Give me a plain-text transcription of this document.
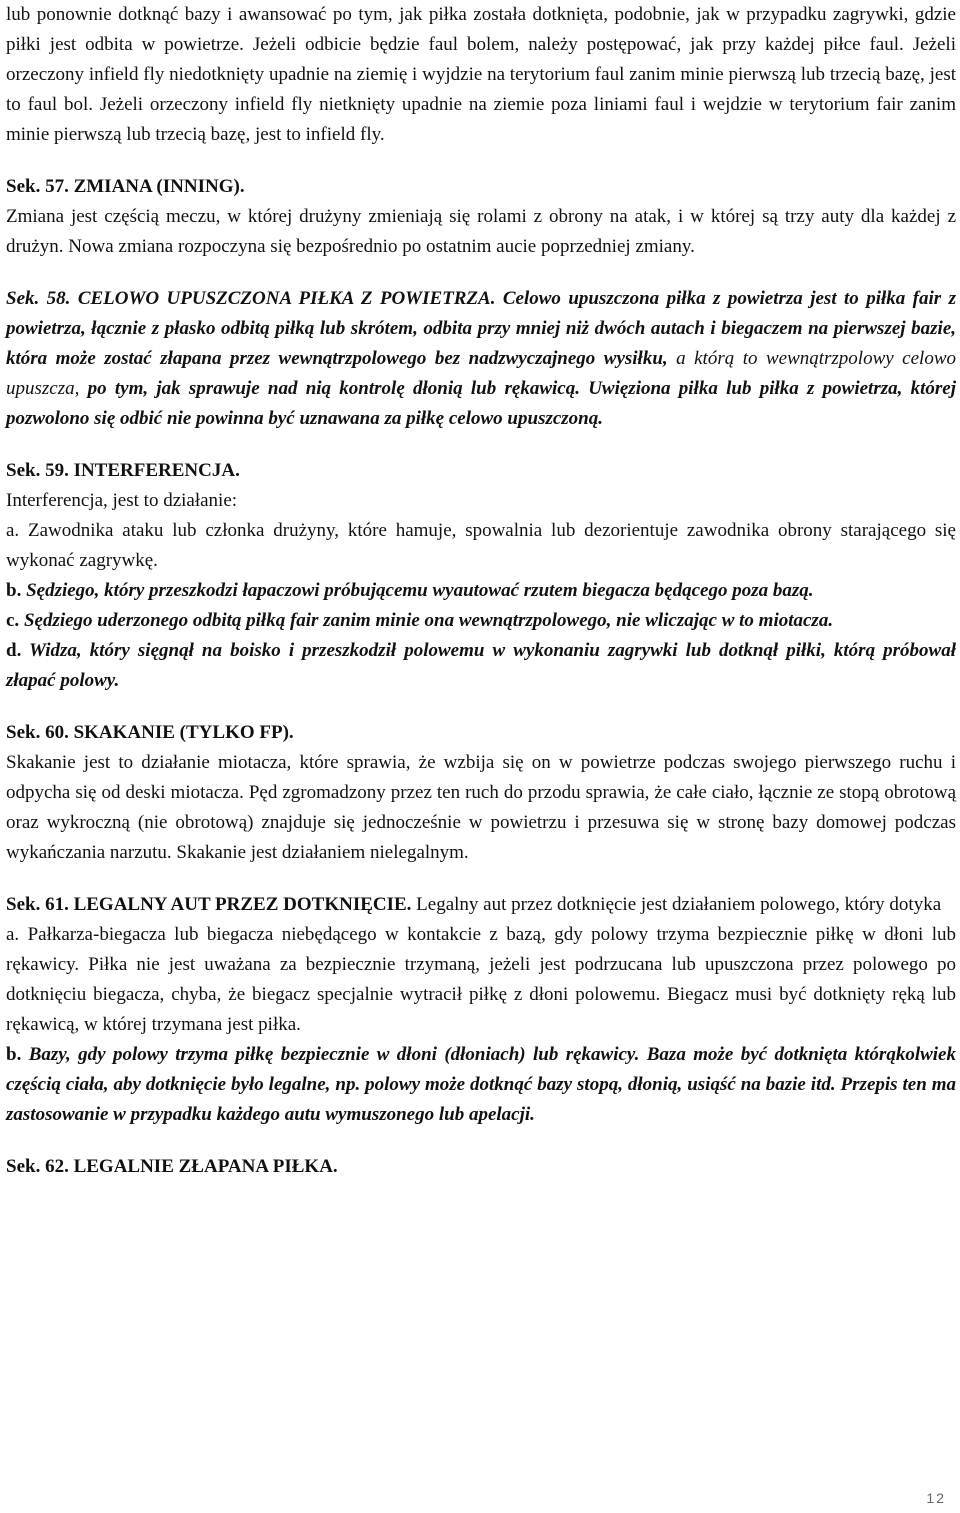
lub ponownie dotknąć bazy i awansować po tym, jak piłka została dotknięta, podobnie, jak w przypadku zagrywki, gdzie piłki jest odbita w powietrze. Jeżeli odbicie będzie faul bolem, należy postępować, jak przy każdej piłce faul. Jeżeli orzeczony infield fly niedotknięty upadnie na ziemię i wyjdzie na terytorium faul zanim minie pierwszą lub trzecią bazę, jest to faul bol. Jeżeli orzeczony infield fly nietknięty upadnie na ziemie poza liniami faul i wejdzie w terytorium fair zanim minie pierwszą lub trzecią bazę, jest to infield fly.

Sek. 57. ZMIANA (INNING).

Zmiana jest częścią meczu, w której drużyny zmieniają się rolami z obrony na atak, i w której są trzy auty dla każdej z drużyn. Nowa zmiana rozpoczyna się bezpośrednio po ostatnim aucie poprzedniej zmiany.

Sek. 58. CELOWO UPUSZCZONA PIŁKA Z POWIETRZA. Celowo upuszczona piłka z powietrza jest to piłka fair z powietrza, łącznie z płasko odbitą piłką lub skrótem, odbita przy mniej niż dwóch autach i biegaczem na pierwszej bazie, która może zostać złapana przez wewnątrzpolowego bez nadzwyczajnego wysiłku, a którą to wewnątrzpolowy celowo upuszcza, po tym, jak sprawuje nad nią kontrolę dłonią lub rękawicą. Uwięziona piłka lub piłka z powietrza, której pozwolono się odbić nie powinna być uznawana za piłkę celowo upuszczoną.

Sek. 59. INTERFERENCJA.

Interferencja, jest to działanie:

a. Zawodnika ataku lub członka drużyny, które hamuje, spowalnia lub dezorientuje zawodnika obrony starającego się wykonać zagrywkę.

b. Sędziego, który przeszkodzi łapaczowi próbującemu wyautować rzutem biegacza będącego poza bazą.

c. Sędziego uderzonego odbitą piłką fair zanim minie ona wewnątrzpolowego, nie wliczając w to miotacza.

d. Widza, który sięgnął na boisko i przeszkodził polowemu w wykonaniu zagrywki lub dotknął piłki, którą próbował złapać polowy.

Sek. 60. SKAKANIE (TYLKO FP).

Skakanie jest to działanie miotacza, które sprawia, że wzbija się on w powietrze podczas swojego pierwszego ruchu i odpycha się od deski miotacza. Pęd zgromadzony przez ten ruch do przodu sprawia, że całe ciało, łącznie ze stopą obrotową oraz wykroczną (nie obrotową) znajduje się jednocześnie w powietrzu i przesuwa się w stronę bazy domowej podczas wykańczania narzutu. Skakanie jest działaniem nielegalnym.

Sek. 61. LEGALNY AUT PRZEZ DOTKNIĘCIE. Legalny aut przez dotknięcie jest działaniem polowego, który dotyka

a. Pałkarza-biegacza lub biegacza niebędącego w kontakcie z bazą, gdy polowy trzyma bezpiecznie piłkę w dłoni lub rękawicy. Piłka nie jest uważana za bezpiecznie trzymaną, jeżeli jest podrzucana lub upuszczona przez polowego po dotknięciu biegacza, chyba, że biegacz specjalnie wytracił piłkę z dłoni polowemu. Biegacz musi być dotknięty ręką lub rękawicą, w której trzymana jest piłka.

b. Bazy, gdy polowy trzyma piłkę bezpiecznie w dłoni (dłoniach) lub rękawicy. Baza może być dotknięta którąkolwiek częścią ciała, aby dotknięcie było legalne, np. polowy może dotknąć bazy stopą, dłonią, usiąść na bazie itd. Przepis ten ma zastosowanie w przypadku każdego autu wymuszonego lub apelacji.

Sek. 62. LEGALNIE ZŁAPANA PIŁKA.

12
